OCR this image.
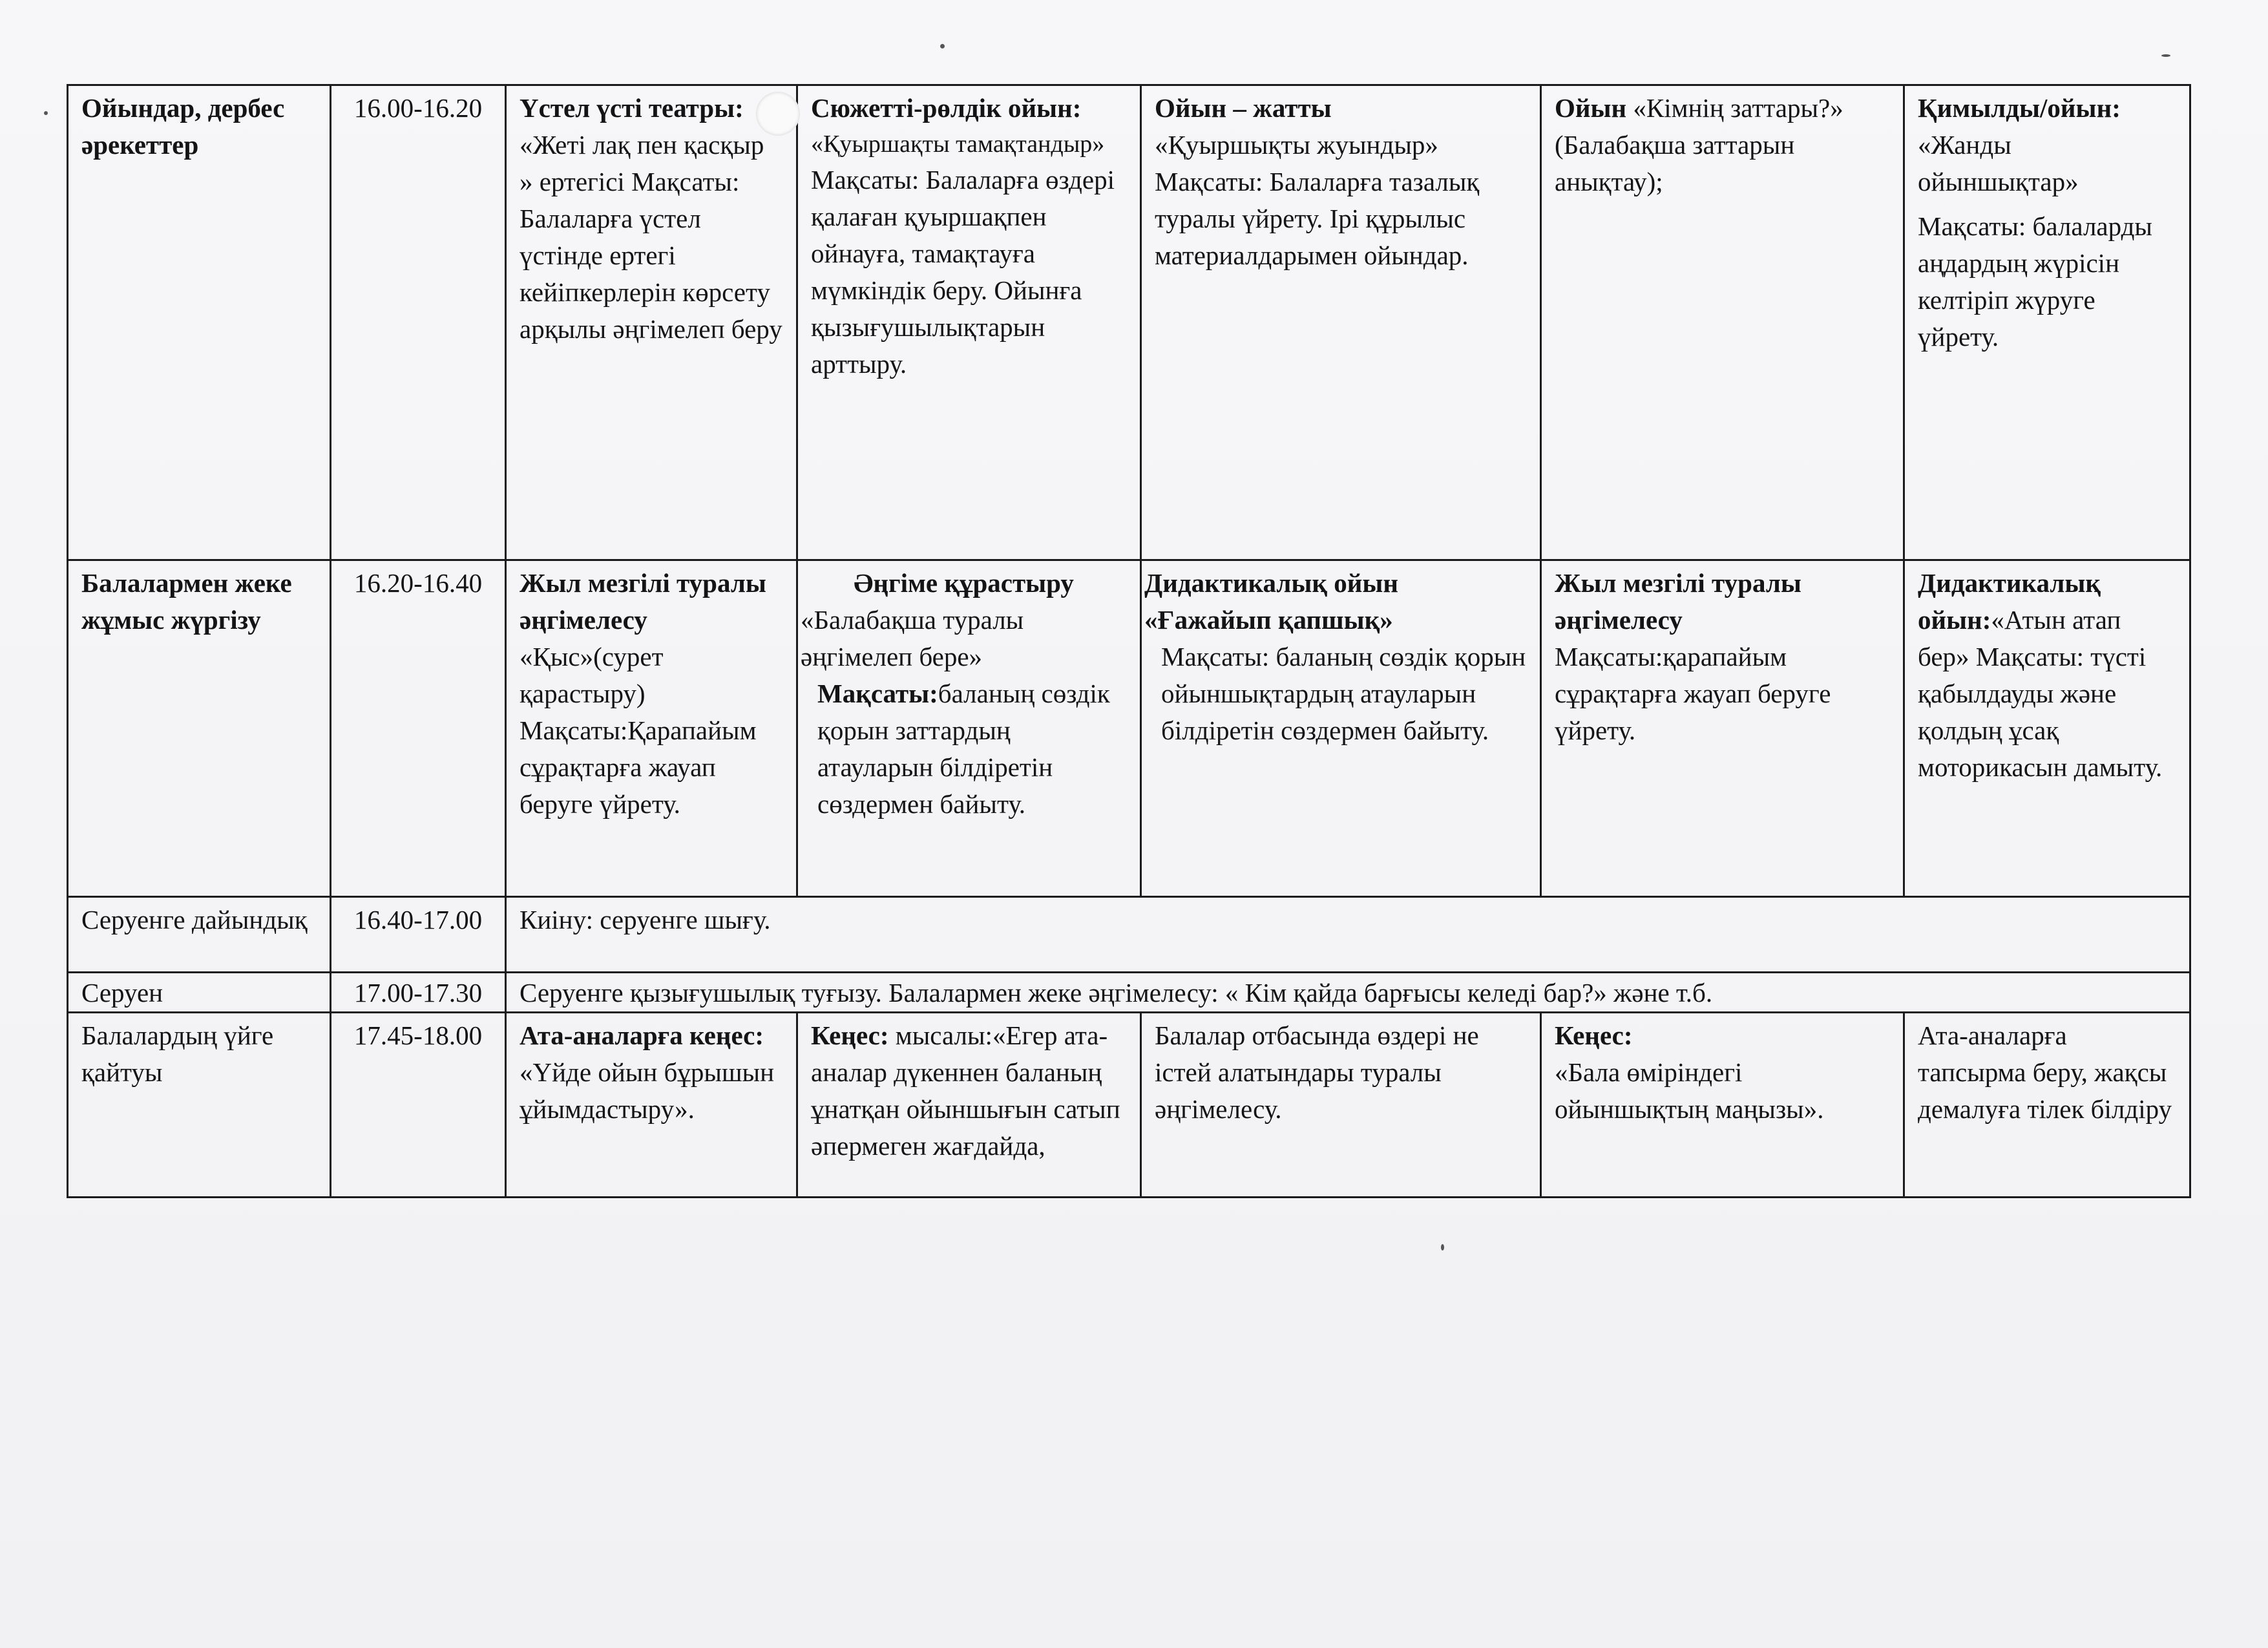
Ойындар, дербес әрекеттер	16.00-16.20	Үстел үсті театры:
«Жеті лақ пен қасқыр » ертегісі Мақсаты: Балаларға үстел үстінде ертегі кейіпкерлерін көрсету арқылы әңгімелеп беру	Сюжетті-рөлдік ойын:
«Қуыршақты тамақтандыр»
Мақсаты: Балаларға өздері қалаған қуыршақпен ойнауға, тамақтауға мүмкіндік беру. Ойынға қызығушылықтарын арттыру.	Ойын – жатты
«Қуыршықты жуындыр» Мақсаты: Балаларға тазалық туралы үйрету. Ірі құрылыс материалдарымен ойындар.	Ойын «Кімнің заттары?» (Балабақша заттарын анықтау);	Қимылды/ойын:
«Жанды ойыншықтар»
Мақсаты: балаларды аңдардың жүрісін келтіріп жүруге үйрету.
Балалармен жеке жұмыс жүргізу	16.20-16.40	Жыл мезгілі туралы әңгімелесу
«Қыс»(сурет қарастыру) Мақсаты:Қарапайым сұрақтарға жауап беруге үйрету.	Әңгіме құрастыру
«Балабақша туралы әңгімелеп бере»
Мақсаты:баланың сөздік қорын заттардың атауларын білдіретін сөздермен байыту.	Дидактикалық ойын «Ғажайып қапшық»
Мақсаты: баланың сөздік қорын ойыншықтардың атауларын білдіретін сөздермен байыту.	Жыл мезгілі туралы әңгімелесу
Мақсаты:қарапайым сұрақтарға жауап беруге үйрету.	Дидактикалық ойын:«Атын атап бер» Мақсаты: түсті қабылдауды және қолдың ұсақ моторикасын дамыту.
Серуенге дайындық	16.40-17.00	Киіну: серуенге шығу.				
Серуен	17.00-17.30	Серуенге қызығушылық туғызу. Балалармен жеке әңгімелесу: « Кім қайда барғысы келеді бар?» және т.б.				
Балалардың үйге қайтуы	17.45-18.00	Ата-аналарға кеңес:
«Үйде ойын бұрышын ұйымдастыру».	Кеңес: мысалы:«Егер ата-аналар дүкеннен баланың ұнатқан ойыншығын сатып әпермеген жағдайда,	Балалар отбасында өздері не істей алатындары туралы әңгімелесу.	Кеңес:
«Бала өміріндегі ойыншықтың маңызы».	Ата-аналарға тапсырма беру, жақсы демалуға тілек білдіру
